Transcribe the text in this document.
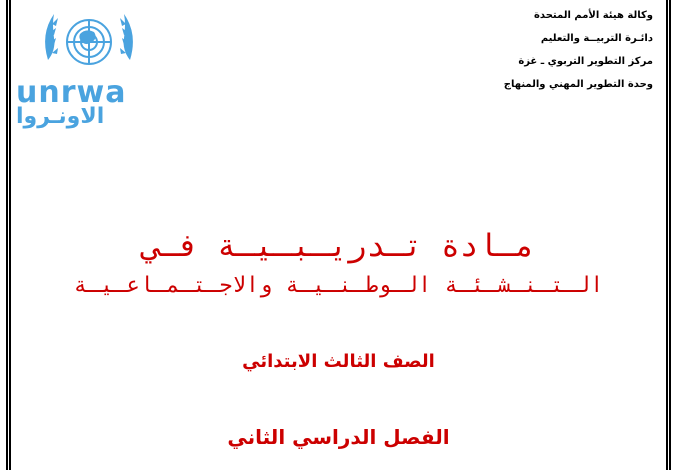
unrwa
الاونـروا
وكالة هيئة الأمم المتحدة
دائـرة التربيــة والتعليم
مركز التطوير التربوي ـ غزة
وحدة التطوير المهني والمنهاج
مـادة تـدريـبـيـة فـي
الـتـنـشـئـة الـوطـنـيـة والاجـتـمـاعـيـة
الصف الثالث الابتدائي
الفصل الدراسي الثاني
